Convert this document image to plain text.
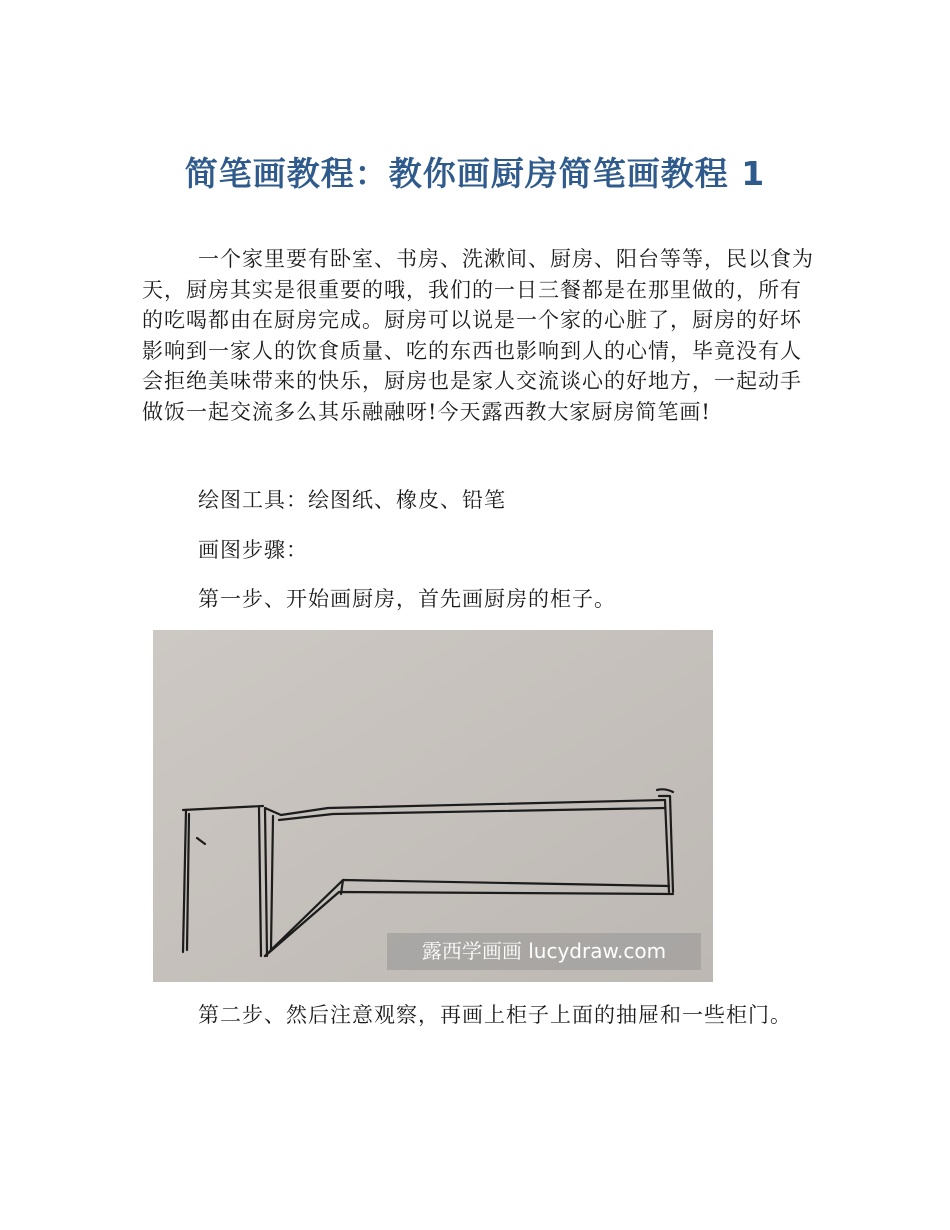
简笔画教程：教你画厨房简笔画教程 1

一个家里要有卧室、书房、洗漱间、厨房、阳台等等，民以食为天，厨房其实是很重要的哦，我们的一日三餐都是在那里做的，所有的吃喝都由在厨房完成。厨房可以说是一个家的心脏了，厨房的好坏影响到一家人的饮食质量、吃的东西也影响到人的心情，毕竟没有人会拒绝美味带来的快乐，厨房也是家人交流谈心的好地方，一起动手做饭一起交流多么其乐融融呀!今天露西教大家厨房简笔画!

绘图工具：绘图纸、橡皮、铅笔

画图步骤：

第一步、开始画厨房，首先画厨房的柜子。

露西学画画 lucydraw.com

第二步、然后注意观察，再画上柜子上面的抽屉和一些柜门。
